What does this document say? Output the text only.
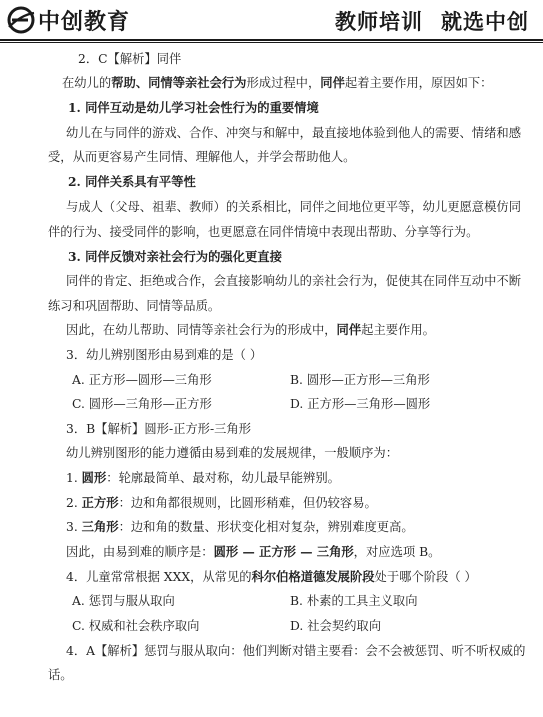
中创教育	教师培训 就选中创
2．C【解析】同伴
在幼儿的帮助、同情等亲社会行为形成过程中，同伴起着主要作用，原因如下：
1. 同伴互动是幼儿学习社会性行为的重要情境
幼儿在与同伴的游戏、合作、冲突与和解中，最直接地体验到他人的需要、情绪和感
受，从而更容易产生同情、理解他人，并学会帮助他人。
2. 同伴关系具有平等性
与成人（父母、祖辈、教师）的关系相比，同伴之间地位更平等，幼儿更愿意模仿同
伴的行为、接受同伴的影响，也更愿意在同伴情境中表现出帮助、分享等行为。
3. 同伴反馈对亲社会行为的强化更直接
同伴的肯定、拒绝或合作，会直接影响幼儿的亲社会行为，促使其在同伴互动中不断
练习和巩固帮助、同情等品质。
因此，在幼儿帮助、同情等亲社会行为的形成中，同伴起主要作用。
3．幼儿辨别图形由易到难的是（ ）
A. 正方形—圆形—三角形	B. 圆形—正方形—三角形
C. 圆形—三角形—正方形	D. 正方形—三角形—圆形
3．B【解析】圆形-正方形-三角形
幼儿辨别图形的能力遵循由易到难的发展规律，一般顺序为：
1. 圆形：轮廓最简单、最对称，幼儿最早能辨别。
2. 正方形：边和角都很规则，比圆形稍难，但仍较容易。
3. 三角形：边和角的数量、形状变化相对复杂，辨别难度更高。
因此，由易到难的顺序是：圆形 — 正方形 — 三角形，对应选项 B。
4．儿童常常根据 XXX，从常见的科尔伯格道德发展阶段处于哪个阶段（ ）
A. 惩罚与服从取向	B. 朴素的工具主义取向
C. 权威和社会秩序取向	D. 社会契约取向
4．A【解析】惩罚与服从取向：他们判断对错主要看：会不会被惩罚、听不听权威的
话。
